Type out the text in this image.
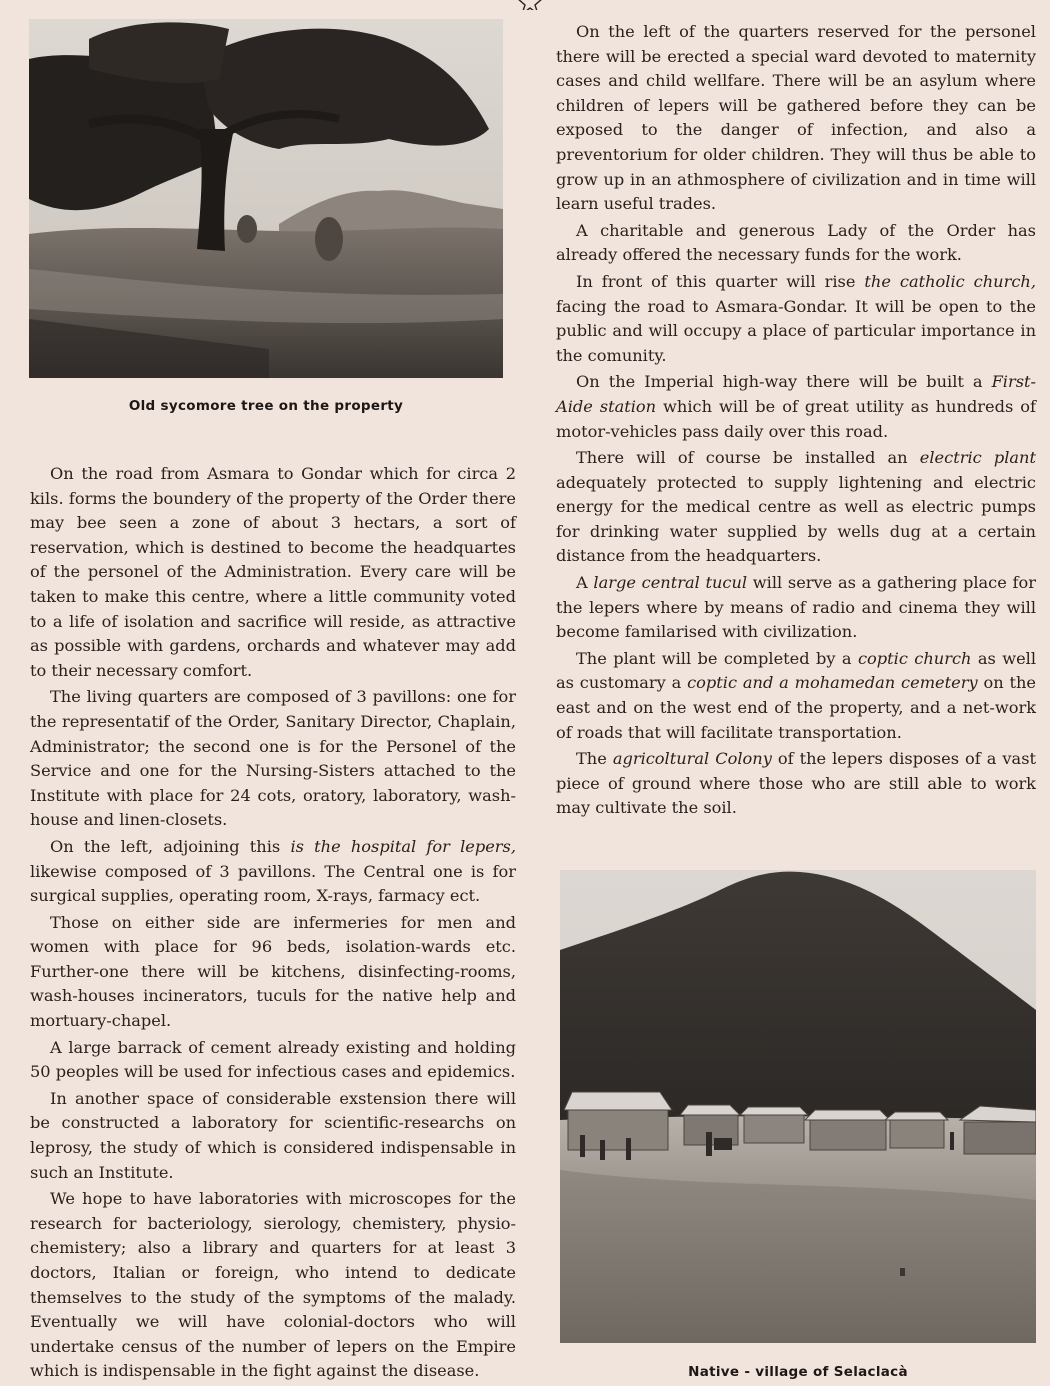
Old sycomore tree on the property

On the road from Asmara to Gondar which for circa 2 kils. forms the boundery of the property of the Order there may bee seen a zone of about 3 hectars, a sort of reservation, which is destined to become the headquartes of the personel of the Administration. Every care will be taken to make this centre, where a little community voted to a life of isolation and sacrifice will reside, as attractive as possible with gardens, orchards and whatever may add to their necessary comfort.

The living quarters are composed of 3 pavillons: one for the representatif of the Order, Sanitary Director, Chaplain, Administrator; the second one is for the Personel of the Service and one for the Nursing-Sisters attached to the Institute with place for 24 cots, oratory, laboratory, wash-house and linen-closets.

On the left, adjoining this is the hospital for lepers, likewise composed of 3 pavillons. The Central one is for surgical supplies, operating room, X-rays, farmacy ect.

Those on either side are infermeries for men and women with place for 96 beds, isolation-wards etc. Further-one there will be kitchens, disinfecting-rooms, wash-houses incinerators, tuculs for the native help and mortuary-chapel.

A large barrack of cement already existing and holding 50 peoples will be used for infectious cases and epidemics.

In another space of considerable exstension there will be constructed a laboratory for scientific-researchs on leprosy, the study of which is considered indispensable in such an Institute.

We hope to have laboratories with microscopes for the research for bacteriology, sierology, chemistery, physio-chemistery; also a library and quarters for at least 3 doctors, Italian or foreign, who intend to dedicate themselves to the study of the symptoms of the malady. Eventually we will have colonial-doctors who will undertake census of the number of lepers on the Empire which is indispensable in the fight against the disease.

On the left of the quarters reserved for the personel there will be erected a special ward devoted to maternity cases and child wellfare. There will be an asylum where children of lepers will be gathered before they can be exposed to the danger of infection, and also a preventorium for older children. They will thus be able to grow up in an athmosphere of civilization and in time will learn useful trades.

A charitable and generous Lady of the Order has already offered the necessary funds for the work.

In front of this quarter will rise the catholic church, facing the road to Asmara-Gondar. It will be open to the public and will occupy a place of particular importance in the comunity.

On the Imperial high-way there will be built a First-Aide station which will be of great utility as hundreds of motor-vehicles pass daily over this road.

There will of course be installed an electric plant adequately protected to supply lightening and electric energy for the medical centre as well as electric pumps for drinking water supplied by wells dug at a certain distance from the headquarters.

A large central tucul will serve as a gathering place for the lepers where by means of radio and cinema they will become familarised with civilization.

The plant will be completed by a coptic church as well as customary a coptic and a mohamedan cemetery on the east and on the west end of the property, and a net-work of roads that will facilitate transportation.

The agricoltural Colony of the lepers disposes of a vast piece of ground where those who are still able to work may cultivate the soil.

Native - village of Selaclacà
